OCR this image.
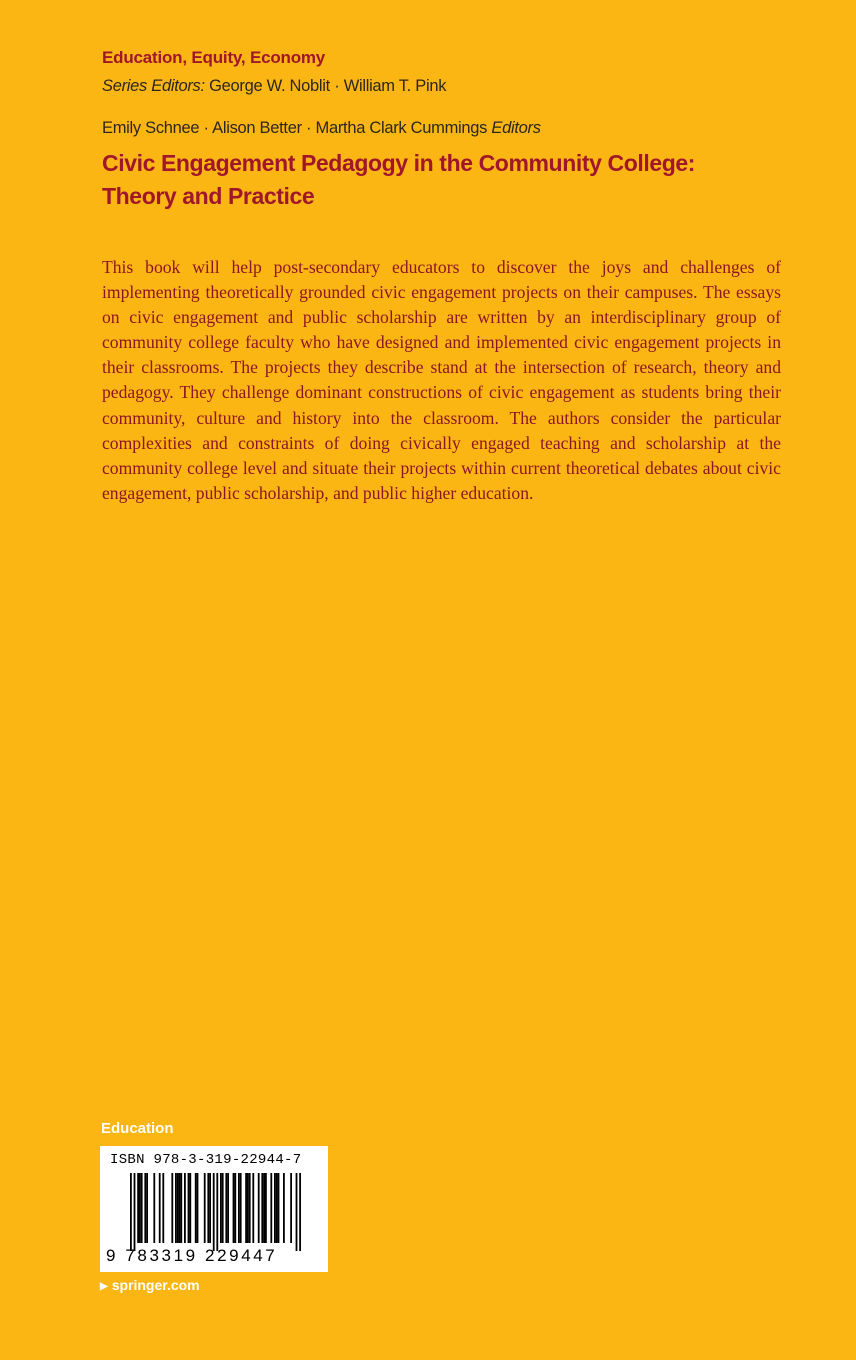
Education, Equity, Economy
Series Editors: George W. Noblit · William T. Pink
Emily Schnee · Alison Better · Martha Clark Cummings Editors
Civic Engagement Pedagogy in the Community College:
Theory and Practice
This book will help post-secondary educators to discover the joys and challenges of implementing theoretically grounded civic engagement projects on their campuses. The essays on civic engagement and public scholarship are written by an interdisciplinary group of community college faculty who have designed and implemented civic engagement projects in their classrooms. The projects they describe stand at the intersection of research, theory and pedagogy. They challenge dominant constructions of civic engagement as students bring their community, culture and history into the classroom. The authors consider the particular complexities and constraints of doing civically engaged teaching and scholarship at the community college level and situate their projects within current theoretical debates about civic engagement, public scholarship, and public higher education.
Education
ISBN 978-3-319-22944-7
9 783319 229447
▶ springer.com
